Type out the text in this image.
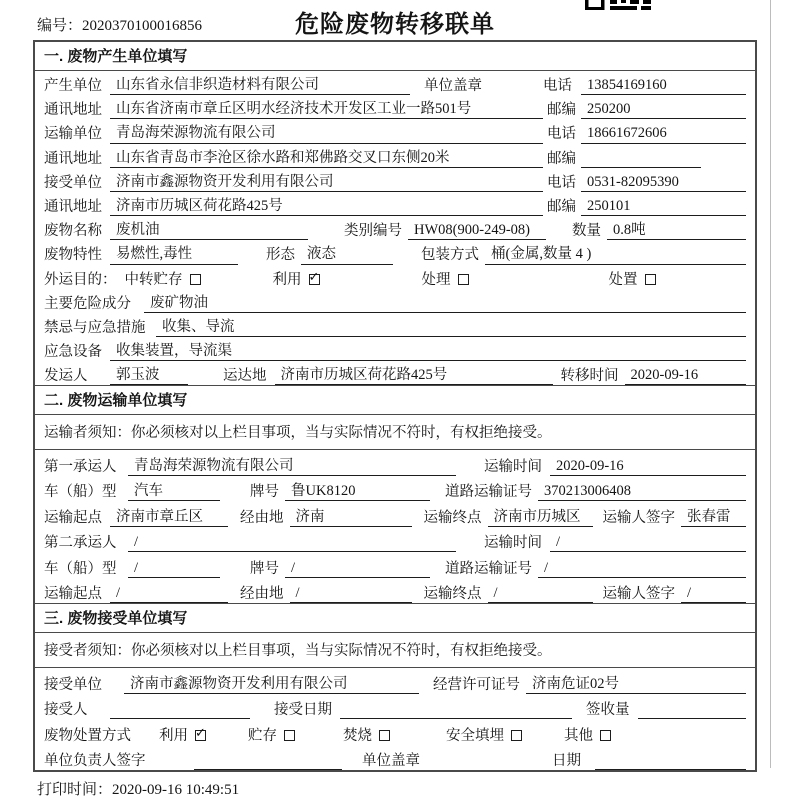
编号：2020370100016856	危险废物转移联单
一. 废物产生单位填写
产生单位 山东省永信非织造材料有限公司	单位盖章	电话	13854169160
通讯地址 山东省济南市章丘区明水经济技术开发区工业一路501号	邮编 250200
运输单位 青岛海荣源物流有限公司	电话 18661672606
通讯地址 山东省青岛市李沧区徐水路和郑佛路交叉口东侧20米	邮编
接受单位 济南市鑫源物资开发利用有限公司	电话 0531-82095390
通讯地址 济南市历城区荷花路425号	邮编 250101
废物名称 废机油	类别编号 HW08(900-249-08)	数量 0.8吨
废物特性 易燃性,毒性	形态 液态	包装方式 桶(金属,数量 4 )
外运目的： 中转贮存	利用 ✓	处理	处置
主要危险成分	废矿物油
禁忌与应急措施	收集、导流
应急设备 收集装置，导流渠
发运人	郭玉波	运达地 济南市历城区荷花路425号	转移时间 2020-09-16
二. 废物运输单位填写
运输者须知：你必须核对以上栏目事项，当与实际情况不符时，有权拒绝接受。
第一承运人	青岛海荣源物流有限公司	运输时间 2020-09-16
车（船）型	汽车	牌号 鲁UK8120	道路运输证号 370213006408
运输起点 济南市章丘区	经由地 济南	运输终点 济南市历城区	运输人签字 张春雷
第二承运人	/	运输时间 /
车（船）型	/	牌号 /	道路运输证号 /
运输起点 /	经由地 /	运输终点 /	运输人签字 /
三. 废物接受单位填写
接受者须知：你必须核对以上栏目事项，当与实际情况不符时，有权拒绝接受。
接受单位	济南市鑫源物资开发利用有限公司	经营许可证号 济南危证02号
接受人	接受日期	签收量
废物处置方式 利用 ✓	贮存	焚烧	安全填埋	其他
单位负责人签字	单位盖章	日期
打印时间：2020-09-16 10:49:51
